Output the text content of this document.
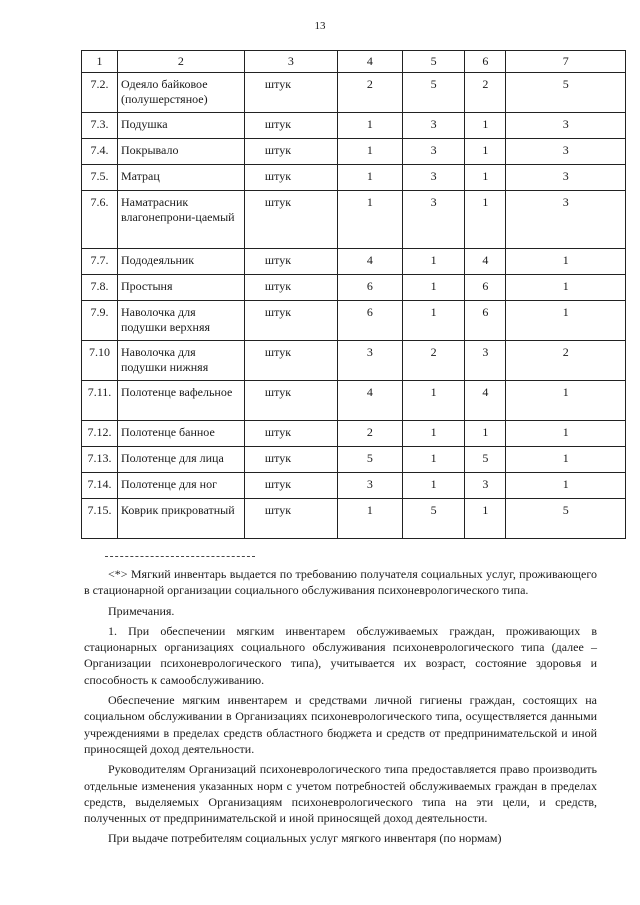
13
1	2	3	4	5	6	7
7.2.	Одеяло байковое (полушерстяное)	штук	2	5	2	5
7.3.	Подушка	штук	1	3	1	3
7.4.	Покрывало	штук	1	3	1	3
7.5.	Матрац	штук	1	3	1	3
7.6.	Наматрасник влагонепрони-цаемый	штук	1	3	1	3
7.7.	Пододеяльник	штук	4	1	4	1
7.8.	Простыня	штук	6	1	6	1
7.9.	Наволочка для подушки верхняя	штук	6	1	6	1
7.10	Наволочка для подушки нижняя	штук	3	2	3	2
7.11.	Полотенце вафельное	штук	4	1	4	1
7.12.	Полотенце банное	штук	2	1	1	1
7.13.	Полотенце для лица	штук	5	1	5	1
7.14.	Полотенце для ног	штук	3	1	3	1
7.15.	Коврик прикроватный	штук	1	5	1	5

<*> Мягкий инвентарь выдается по требованию получателя социальных услуг, проживающего в стационарной организации социального обслуживания психоневрологического типа.

Примечания.

1. При обеспечении мягким инвентарем обслуживаемых граждан, проживающих в стационарных организациях социального обслуживания психоневрологического типа (далее – Организации психоневрологического типа), учитывается их возраст, состояние здоровья и способность к самообслуживанию.

Обеспечение мягким инвентарем и средствами личной гигиены граждан, состоящих на социальном обслуживании в Организациях психоневрологического типа, осуществляется данными учреждениями в пределах средств областного бюджета и средств от предпринимательской и иной приносящей доход деятельности.

Руководителям Организаций психоневрологического типа предоставляется право производить отдельные изменения указанных норм с учетом потребностей обслуживаемых граждан в пределах средств, выделяемых Организациям психоневрологического типа на эти цели, и средств, полученных от предпринимательской и иной приносящей доход деятельности.

При выдаче потребителям социальных услуг мягкого инвентаря (по нормам)
